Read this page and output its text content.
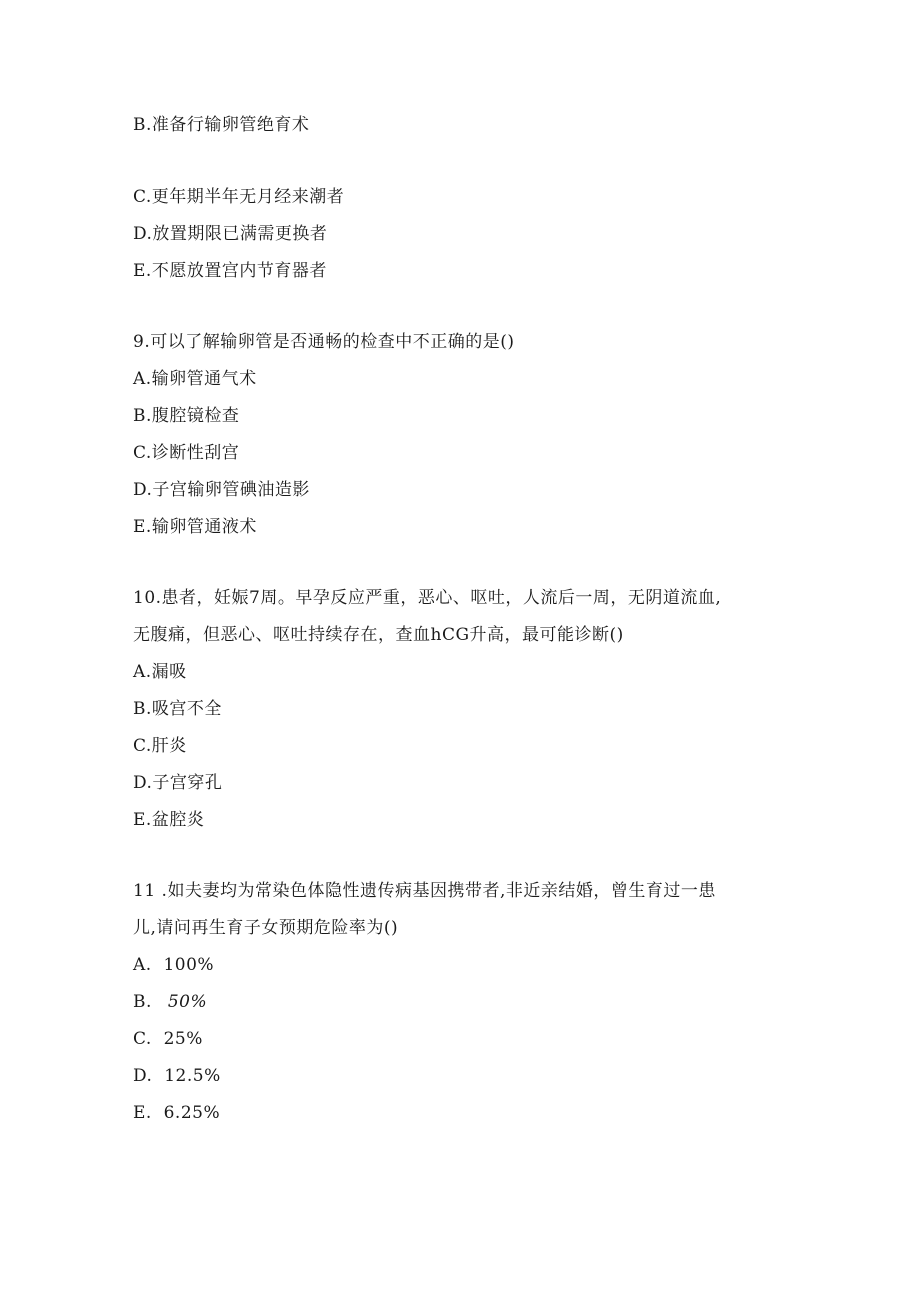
B.准备行输卵管绝育术
C.更年期半年无月经来潮者
D.放置期限已满需更换者
E.不愿放置宫内节育器者
9.可以了解输卵管是否通畅的检查中不正确的是()
A.输卵管通气术
B.腹腔镜检查
C.诊断性刮宫
D.子宫输卵管碘油造影
E.输卵管通液术
10.患者，妊娠7周。早孕反应严重，恶心、呕吐，人流后一周，无阴道流血,
无腹痛，但恶心、呕吐持续存在，查血hCG升高，最可能诊断()
A.漏吸
B.吸宫不全
C.肝炎
D.子宫穿孔
E.盆腔炎
11 .如夫妻均为常染色体隐性遗传病基因携带者,非近亲结婚，曾生育过一患
儿,请问再生育子女预期危险率为()
A.  100%
B. 50%
C.  25%
D.  12.5%
E.  6.25%
